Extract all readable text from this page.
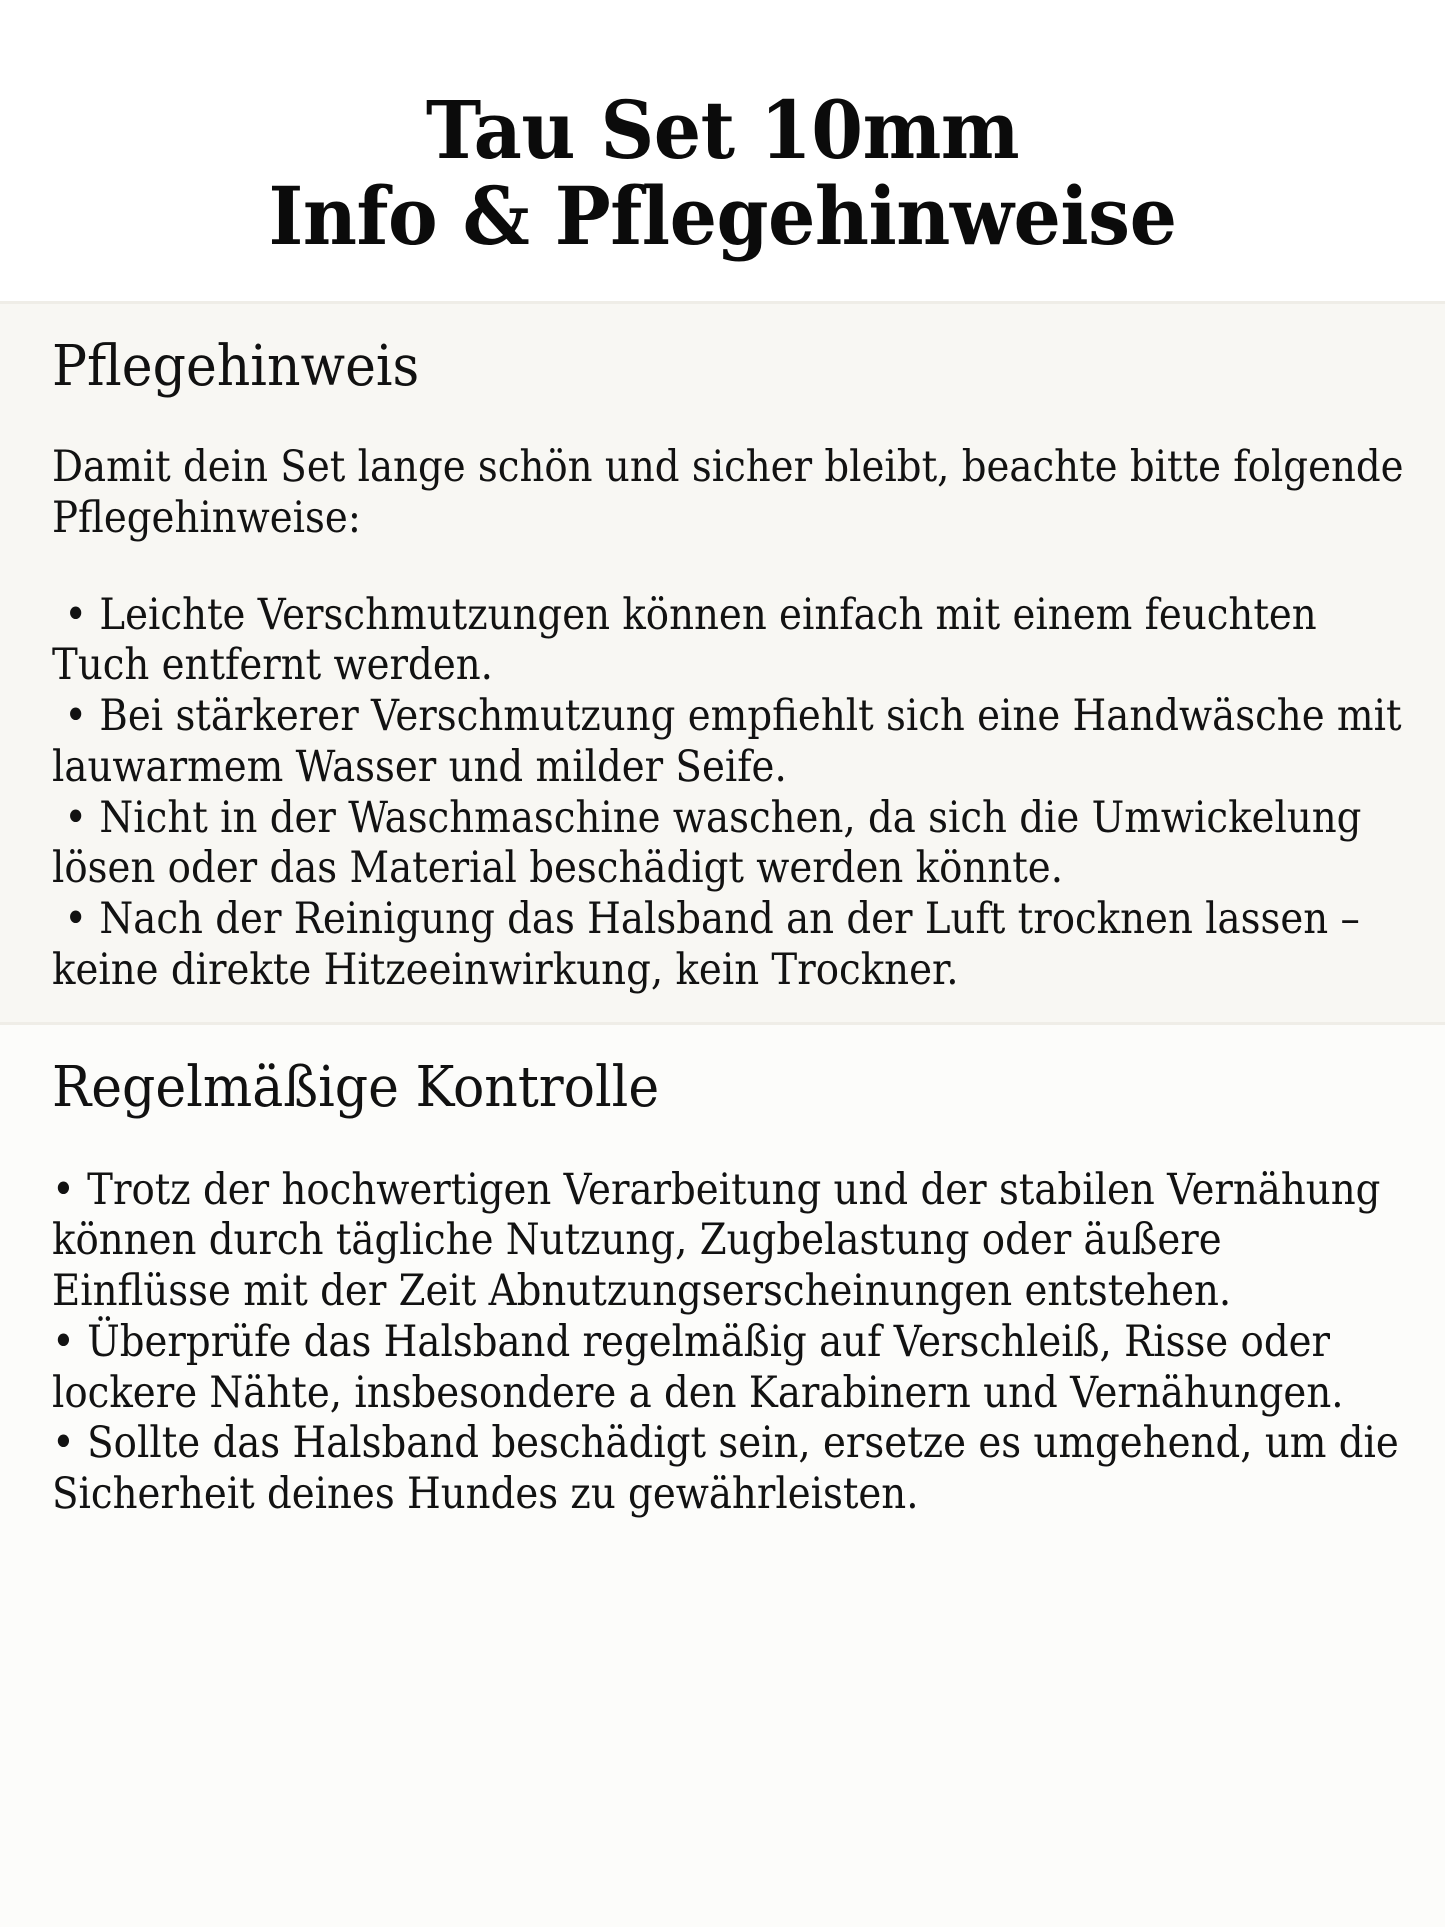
Tau Set 10mm
Info & Pflegehinweise
Pflegehinweis

Damit dein Set lange schön und sicher bleibt, beachte bitte folgende Pflegehinweise:

• Leichte Verschmutzungen können einfach mit einem feuchten Tuch entfernt werden.
• Bei stärkerer Verschmutzung empfiehlt sich eine Handwäsche mit lauwarmem Wasser und milder Seife.
• Nicht in der Waschmaschine waschen, da sich die Umwickelung lösen oder das Material beschädigt werden könnte.
• Nach der Reinigung das Halsband an der Luft trocknen lassen – keine direkte Hitzeeinwirkung, kein Trockner.
Regelmäßige Kontrolle
• Trotz der hochwertigen Verarbeitung und der stabilen Vernähung können durch tägliche Nutzung, Zugbelastung oder äußere Einflüsse mit der Zeit Abnutzungserscheinungen entstehen.
• Überprüfe das Halsband regelmäßig auf Verschleiß, Risse oder lockere Nähte, insbesondere a den Karabinern und Vernähungen.
• Sollte das Halsband beschädigt sein, ersetze es umgehend, um die Sicherheit deines Hundes zu gewährleisten.
